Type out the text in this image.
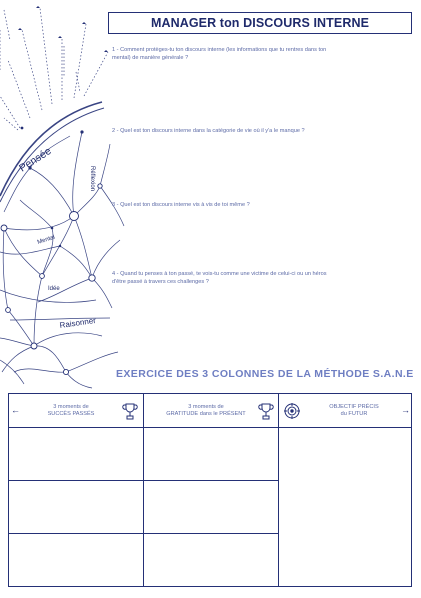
Pensée
Réflexion
Mental
Idée
Raisonner
MANAGER ton DISCOURS INTERNE
1 - Comment protèges-tu ton discours interne (les informations que tu rentres dans ton
mental) de manière générale ?
2 - Quel est ton discours interne dans la catégorie de vie où il y'a le manque ?
3 - Quel est ton discours interne vis à vis de toi même ?
4 - Quand tu penses à ton passé, te vois-tu comme une victime de celui-ci ou un héros
d'être passé à travers ces challenges ?
EXERCICE DES 3 COLONNES DE LA MÉTHODE S.A.N.E
3 moments de
SUCCÈS PASSÉS
3 moments de
GRATITUDE dans le PRÉSENT
OBJECTIF PRÉCIS
du FUTUR
←	→
